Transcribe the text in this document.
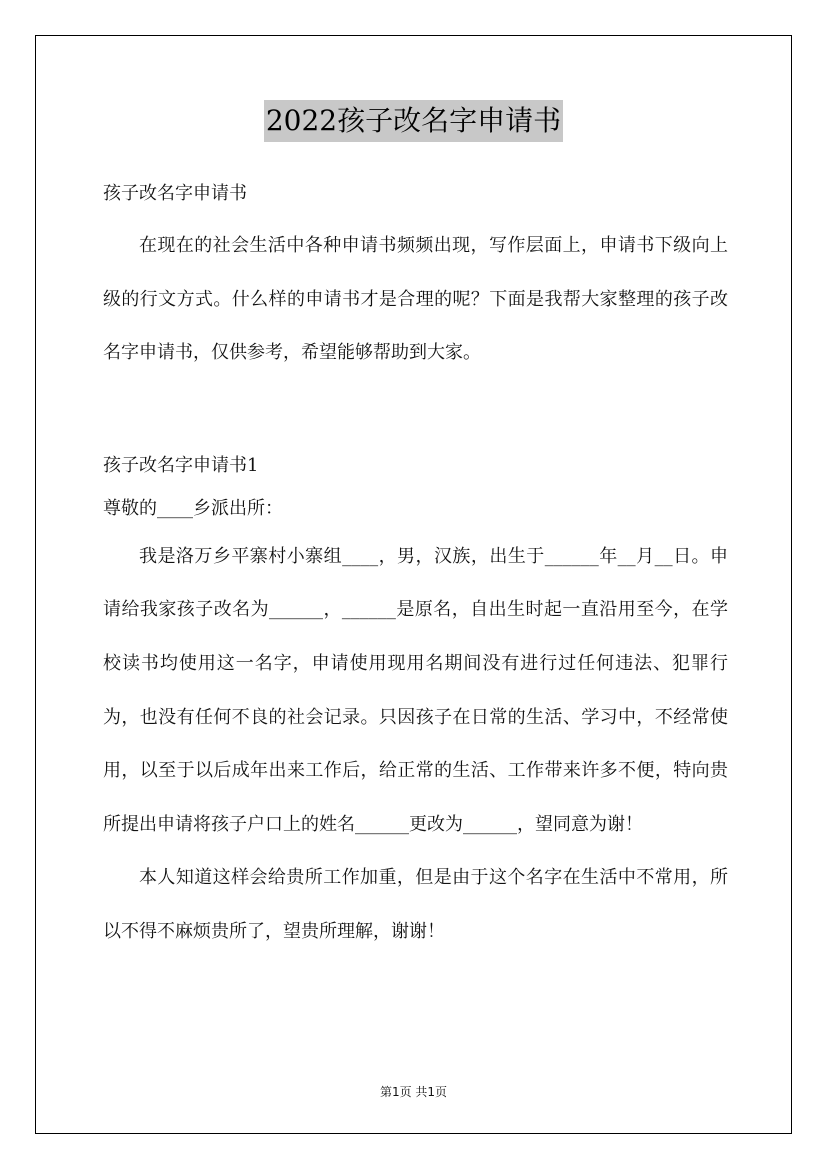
2022孩子改名字申请书

孩子改名字申请书

在现在的社会生活中各种申请书频频出现，写作层面上，申请书下级向上级的行文方式。什么样的申请书才是合理的呢？下面是我帮大家整理的孩子改名字申请书，仅供参考，希望能够帮助到大家。

孩子改名字申请书1

尊敬的____乡派出所：

我是洛万乡平寨村小寨组____，男，汉族，出生于______年__月__日。申请给我家孩子改名为______，______是原名，自出生时起一直沿用至今，在学校读书均使用这一名字，申请使用现用名期间没有进行过任何违法、犯罪行为，也没有任何不良的社会记录。只因孩子在日常的生活、学习中，不经常使用，以至于以后成年出来工作后，给正常的生活、工作带来许多不便，特向贵所提出申请将孩子户口上的姓名______更改为______，望同意为谢！

本人知道这样会给贵所工作加重，但是由于这个名字在生活中不常用，所以不得不麻烦贵所了，望贵所理解，谢谢！

第1页 共1页
